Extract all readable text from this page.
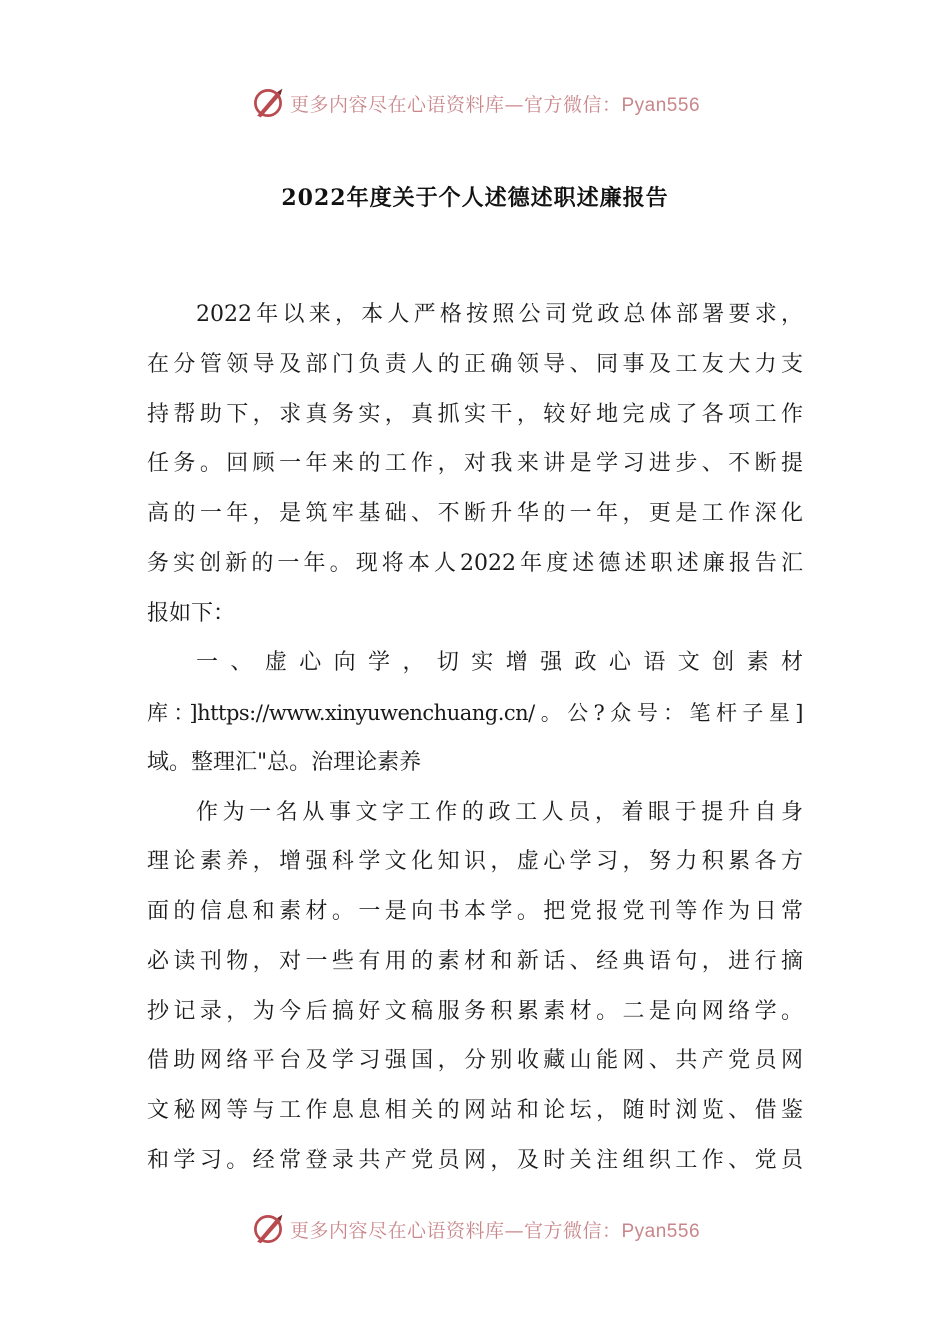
更多内容尽在心语资料库—官方微信：Pyan556
2022年度关于个人述德述职述廉报告
2022年以来，本人严格按照公司党政总体部署要求，
在分管领导及部门负责人的正确领导、同事及工友大力支
持帮助下，求真务实，真抓实干，较好地完成了各项工作
任务。回顾一年来的工作，对我来讲是学习进步、不断提
高的一年，是筑牢基础、不断升华的一年，更是工作深化
务实创新的一年。现将本人2022年度述德述职述廉报告汇
报如下：
一、虚心向学，切实增强政心语文创素材
库：]https://www.xinyuwenchuang.cn/。公?众号：笔杆子星]
域。整理汇"总。治理论素养
作为一名从事文字工作的政工人员，着眼于提升自身
理论素养，增强科学文化知识，虚心学习，努力积累各方
面的信息和素材。一是向书本学。把党报党刊等作为日常
必读刊物，对一些有用的素材和新话、经典语句，进行摘
抄记录，为今后搞好文稿服务积累素材。二是向网络学。
借助网络平台及学习强国，分别收藏山能网、共产党员网
文秘网等与工作息息相关的网站和论坛，随时浏览、借鉴
和学习。经常登录共产党员网，及时关注组织工作、党员
更多内容尽在心语资料库—官方微信：Pyan556
